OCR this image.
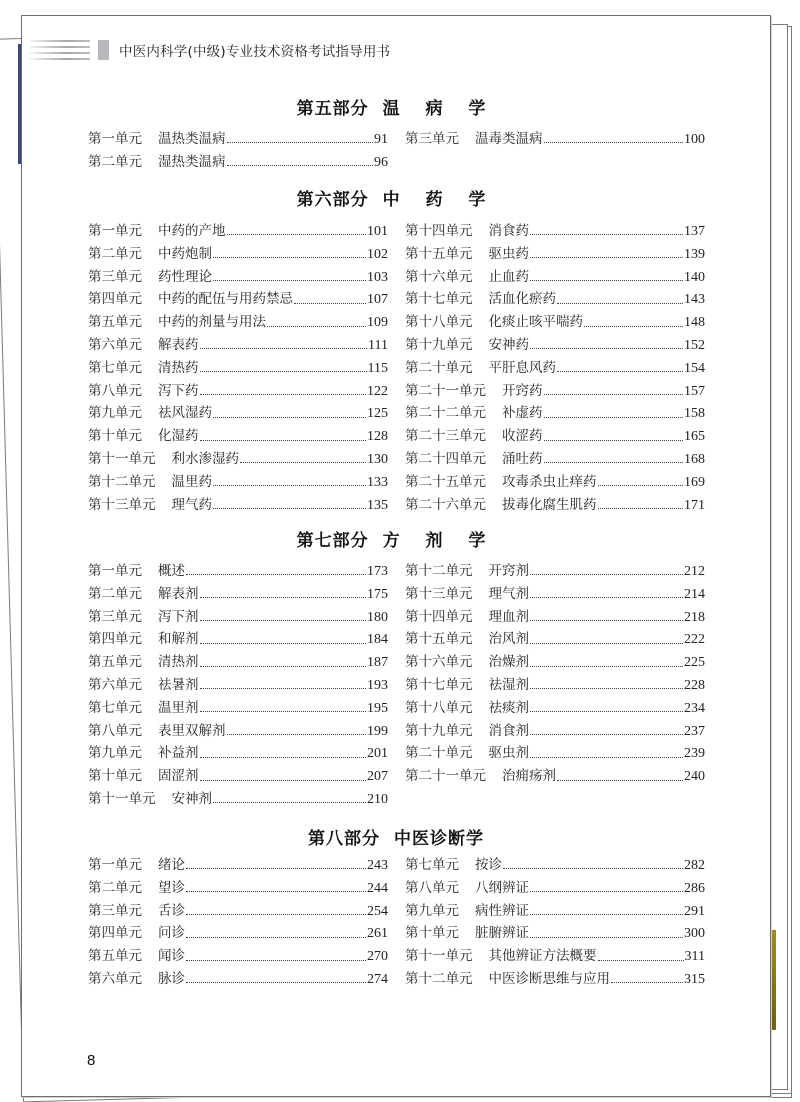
中医内科学(中级)专业技术资格考试指导用书
第五部分 温 病 学
第一单元 温热类温病	91
第二单元 湿热类温病	96
第三单元 温毒类温病	100
第六部分 中 药 学
第一单元 中药的产地	101
第二单元 中药炮制	102
第三单元 药性理论	103
第四单元 中药的配伍与用药禁忌	107
第五单元 中药的剂量与用法	109
第六单元 解表药	111
第七单元 清热药	115
第八单元 泻下药	122
第九单元 祛风湿药	125
第十单元 化湿药	128
第十一单元 利水渗湿药	130
第十二单元 温里药	133
第十三单元 理气药	135
第十四单元 消食药	137
第十五单元 驱虫药	139
第十六单元 止血药	140
第十七单元 活血化瘀药	143
第十八单元 化痰止咳平喘药	148
第十九单元 安神药	152
第二十单元 平肝息风药	154
第二十一单元 开窍药	157
第二十二单元 补虚药	158
第二十三单元 收涩药	165
第二十四单元 涌吐药	168
第二十五单元 攻毒杀虫止痒药	169
第二十六单元 拔毒化腐生肌药	171
第七部分 方 剂 学
第一单元 概述	173
第二单元 解表剂	175
第三单元 泻下剂	180
第四单元 和解剂	184
第五单元 清热剂	187
第六单元 祛暑剂	193
第七单元 温里剂	195
第八单元 表里双解剂	199
第九单元 补益剂	201
第十单元 固涩剂	207
第十一单元 安神剂	210
第十二单元 开窍剂	212
第十三单元 理气剂	214
第十四单元 理血剂	218
第十五单元 治风剂	222
第十六单元 治燥剂	225
第十七单元 祛湿剂	228
第十八单元 祛痰剂	234
第十九单元 消食剂	237
第二十单元 驱虫剂	239
第二十一单元 治痈疡剂	240
第八部分 中医诊断学
第一单元 绪论	243
第二单元 望诊	244
第三单元 舌诊	254
第四单元 问诊	261
第五单元 闻诊	270
第六单元 脉诊	274
第七单元 按诊	282
第八单元 八纲辨证	286
第九单元 病性辨证	291
第十单元 脏腑辨证	300
第十一单元 其他辨证方法概要	311
第十二单元 中医诊断思维与应用	315
8
